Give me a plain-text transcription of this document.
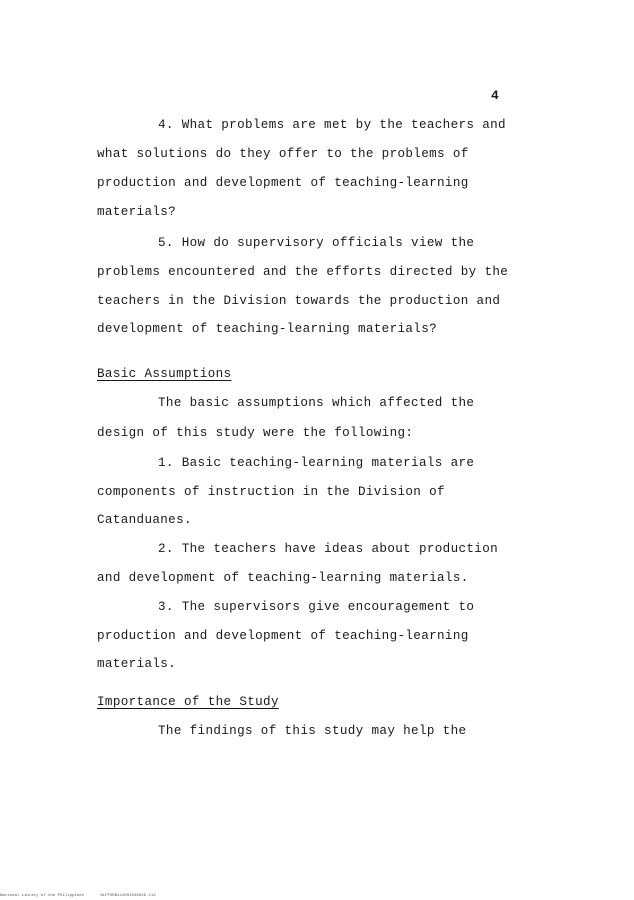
4
4. What problems are met by the teachers and
what solutions do they offer to the problems of
production and development of teaching-learning
materials?
5. How do supervisory officials view the
problems encountered and the efforts directed by the
teachers in the Division towards the production and
development of teaching-learning materials?
Basic Assumptions
The basic assumptions which affected the
design of this study were the following:
1. Basic teaching-learning materials are
components of instruction in the Division of
Catanduanes.
2. The teachers have ideas about production
and development of teaching-learning materials.
3. The supervisors give encouragement to
production and development of teaching-learning
materials.
Importance of the Study
The findings of this study may help the
National Library of the Philippines	NLPTHRB112001030919 113
